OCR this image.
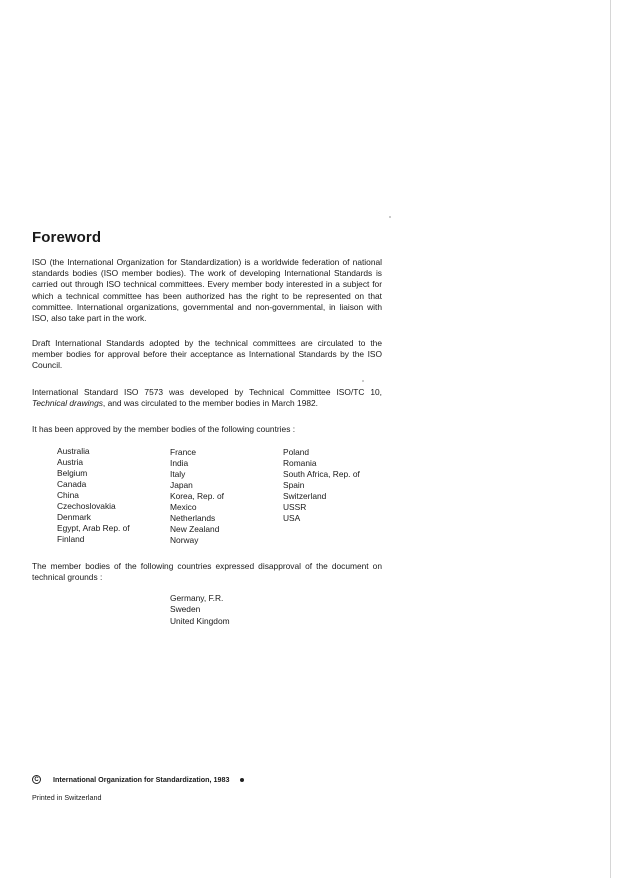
Foreword
ISO (the International Organization for Standardization) is a worldwide federation of national standards bodies (ISO member bodies). The work of developing International Standards is carried out through ISO technical committees. Every member body interested in a subject for which a technical committee has been authorized has the right to be represented on that committee. International organizations, governmental and non-governmental, in liaison with ISO, also take part in the work.
Draft International Standards adopted by the technical committees are circulated to the member bodies for approval before their acceptance as International Standards by the ISO Council.
International Standard ISO 7573 was developed by Technical Committee ISO/TC 10, Technical drawings, and was circulated to the member bodies in March 1982.
It has been approved by the member bodies of the following countries :
Australia
Austria
Belgium
Canada
China
Czechoslovakia
Denmark
Egypt, Arab Rep. of
Finland
France
India
Italy
Japan
Korea, Rep. of
Mexico
Netherlands
New Zealand
Norway
Poland
Romania
South Africa, Rep. of
Spain
Switzerland
USSR
USA
The member bodies of the following countries expressed disapproval of the document on technical grounds :
Germany, F.R.
Sweden
United Kingdom
C	International Organization for Standardization, 1983
Printed in Switzerland
